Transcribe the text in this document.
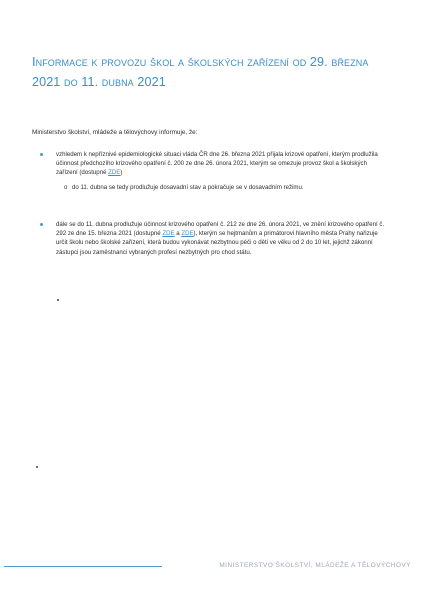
Informace k provozu škol a školských zařízení od 29. března
2021 do 11. dubna 2021
Ministerstvo školství, mládeže a tělovýchovy informuje, že:
vzhledem k nepříznivé epidemiologické situaci vláda ČR dne 26. března 2021 přijala krizové opatření, kterým prodlužila účinnost předchozího krizového opatření č. 200 ze dne 26. února 2021, kterým se omezuje provoz škol a školských zařízení (dostupné ZDE)
o do 11. dubna se tedy prodlužuje dosavadní stav a pokračuje se v dosavadním režimu.
dále se do 11. dubna prodlužuje účinnost krizového opatření č. 212 ze dne 26. února 2021, ve znění krizového opatření č. 292 ze dne 15. března 2021 (dostupné ZDE a ZDE), kterým se hejtmanům a primátorovi hlavního města Prahy nařizuje určit školu nebo školské zařízení, která budou vykonávat nezbytnou péči o děti ve věku od 2 do 10 let, jejichž zákonní zástupci jsou zaměstnanci vybraných profesí nezbytných pro chod státu.
MINISTERSTVO ŠKOLSTVÍ, MLÁDEŽE A TĚLOVÝCHOVY
